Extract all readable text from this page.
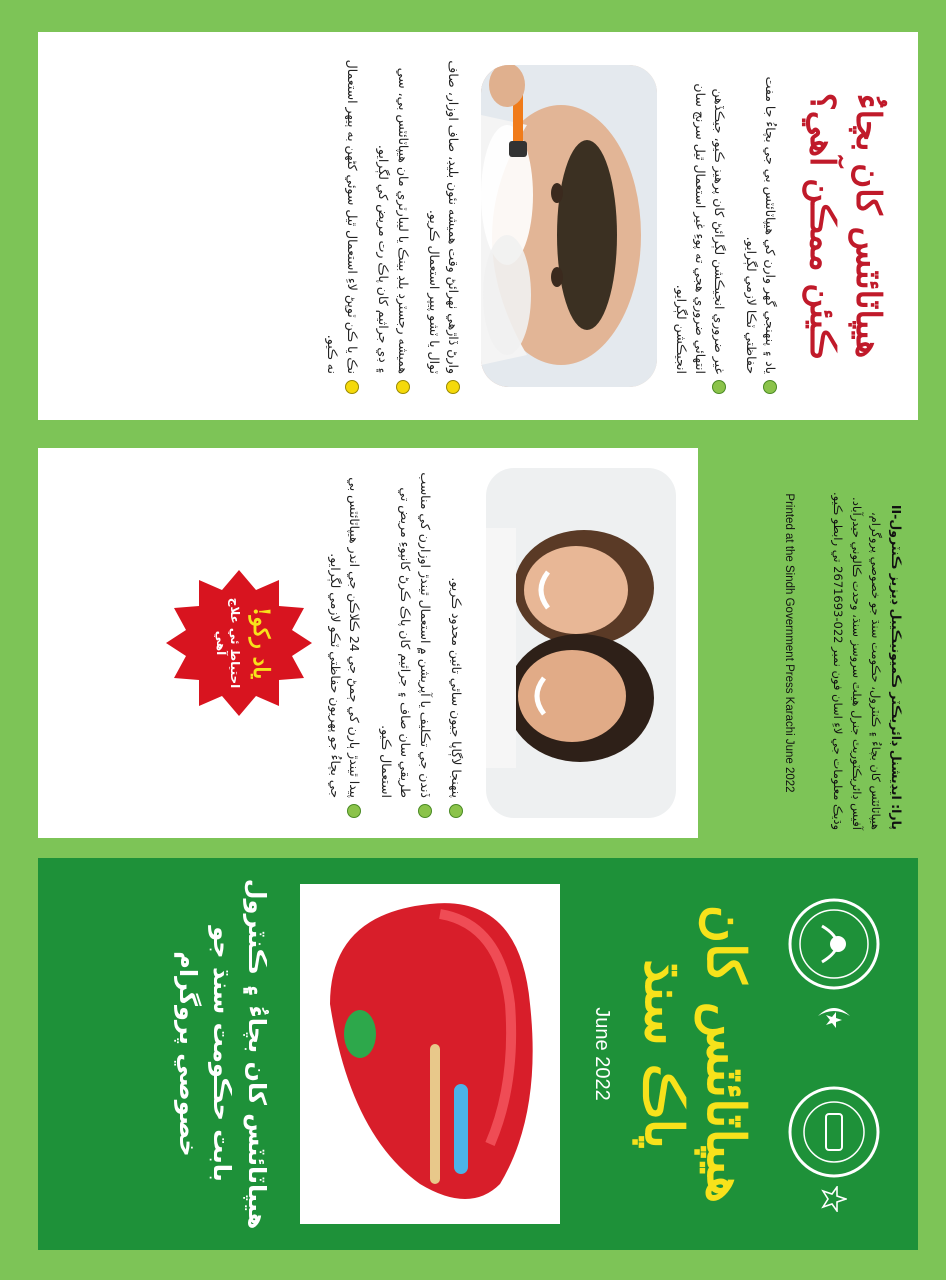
هيپاٽائٽس کان بچاءُ ڪيئن ممڪن آهي؟
ياد ۽ پنهنجي گهر وارن کي هيپاٽائٽس بي جي بچاءُ جا مفت حفاظتي ٽڪا لازمي لڳرايو.
غير ضروري انجيڪشن لڳرائڻ کان پرهيز ڪيو، جيڪڏهن انتهائي ضروري هجي ته پوءِ غير استعمال ٿيل سرنج سان انجيڪشن لڳرايو.
وارڻ ڏاڙهي ٺهرائڻ وقت هميشه نئون بليڊ، صاف اوزار، صاف ٽوال يا ٽشو پيپر استعمال ڪريو.
هميشه رجسٽرڊ بلڊ بينڪ يا ليبارٽري مان هيپاٽائٽس بي، سي ۽ ڊي جراثيم کان پاڪ رت مريض کي لڳرايو.
نڪ يا ڪن ٽوپڻ لاءِ استعمال ٿيل سوئي کڻهن به ٻيهر استعمال نه ڪيو.
پنهنجا لاڳاپا جيون ساٿي تائين محدود ڪريو.
ڏندن جي تڪليف يا آپريشن ۾ استعمال ٿيندڙ اوزارن کي مناسب طريقي سان صاف ۽ جراثيم کان پاڪ ڪرڻ کانپوءِ مريض تي استعمال ڪيو.
پيدا ٿيندڙ ٻارن کي ڄمڻ جي 24 ڪلاڪن جي اندر هيپاٽائٽس بي جي بچاءُ جو پهريون حفاظتي ٽڪو لازمي لڳرايو.
ياد رکو!
احتياط ئي علاج آهي
پارا: ايڊيشنل ڊائريڪٽر ڪميونيڪيبل ڊيزيز ڪنٽرول-II
هيپاٽائٽس کان بچاءُ ۽ ڪنٽرول، حڪومت سنڌ جو خصوصي پروگرام،
آفيس ڊائريڪٽوريٽ جنرل هيلٿ سروسز سنڌ، وحدت ڪالوني حيدرآباد.
وڌيڪ معلومات جي لاءِ اسان فون نمبر 022-2671693 تي رابطو ڪيو.
Printed at the Sindh Government Press Karachi June 2022
هيپاٽائٽس کان
پاڪ سنڌ
June 2022
هيپاٽائٽس کان بچاءُ ۽ ڪنٽرول
بابت حڪومت سنڌ جو
خصوصي پروگرام
